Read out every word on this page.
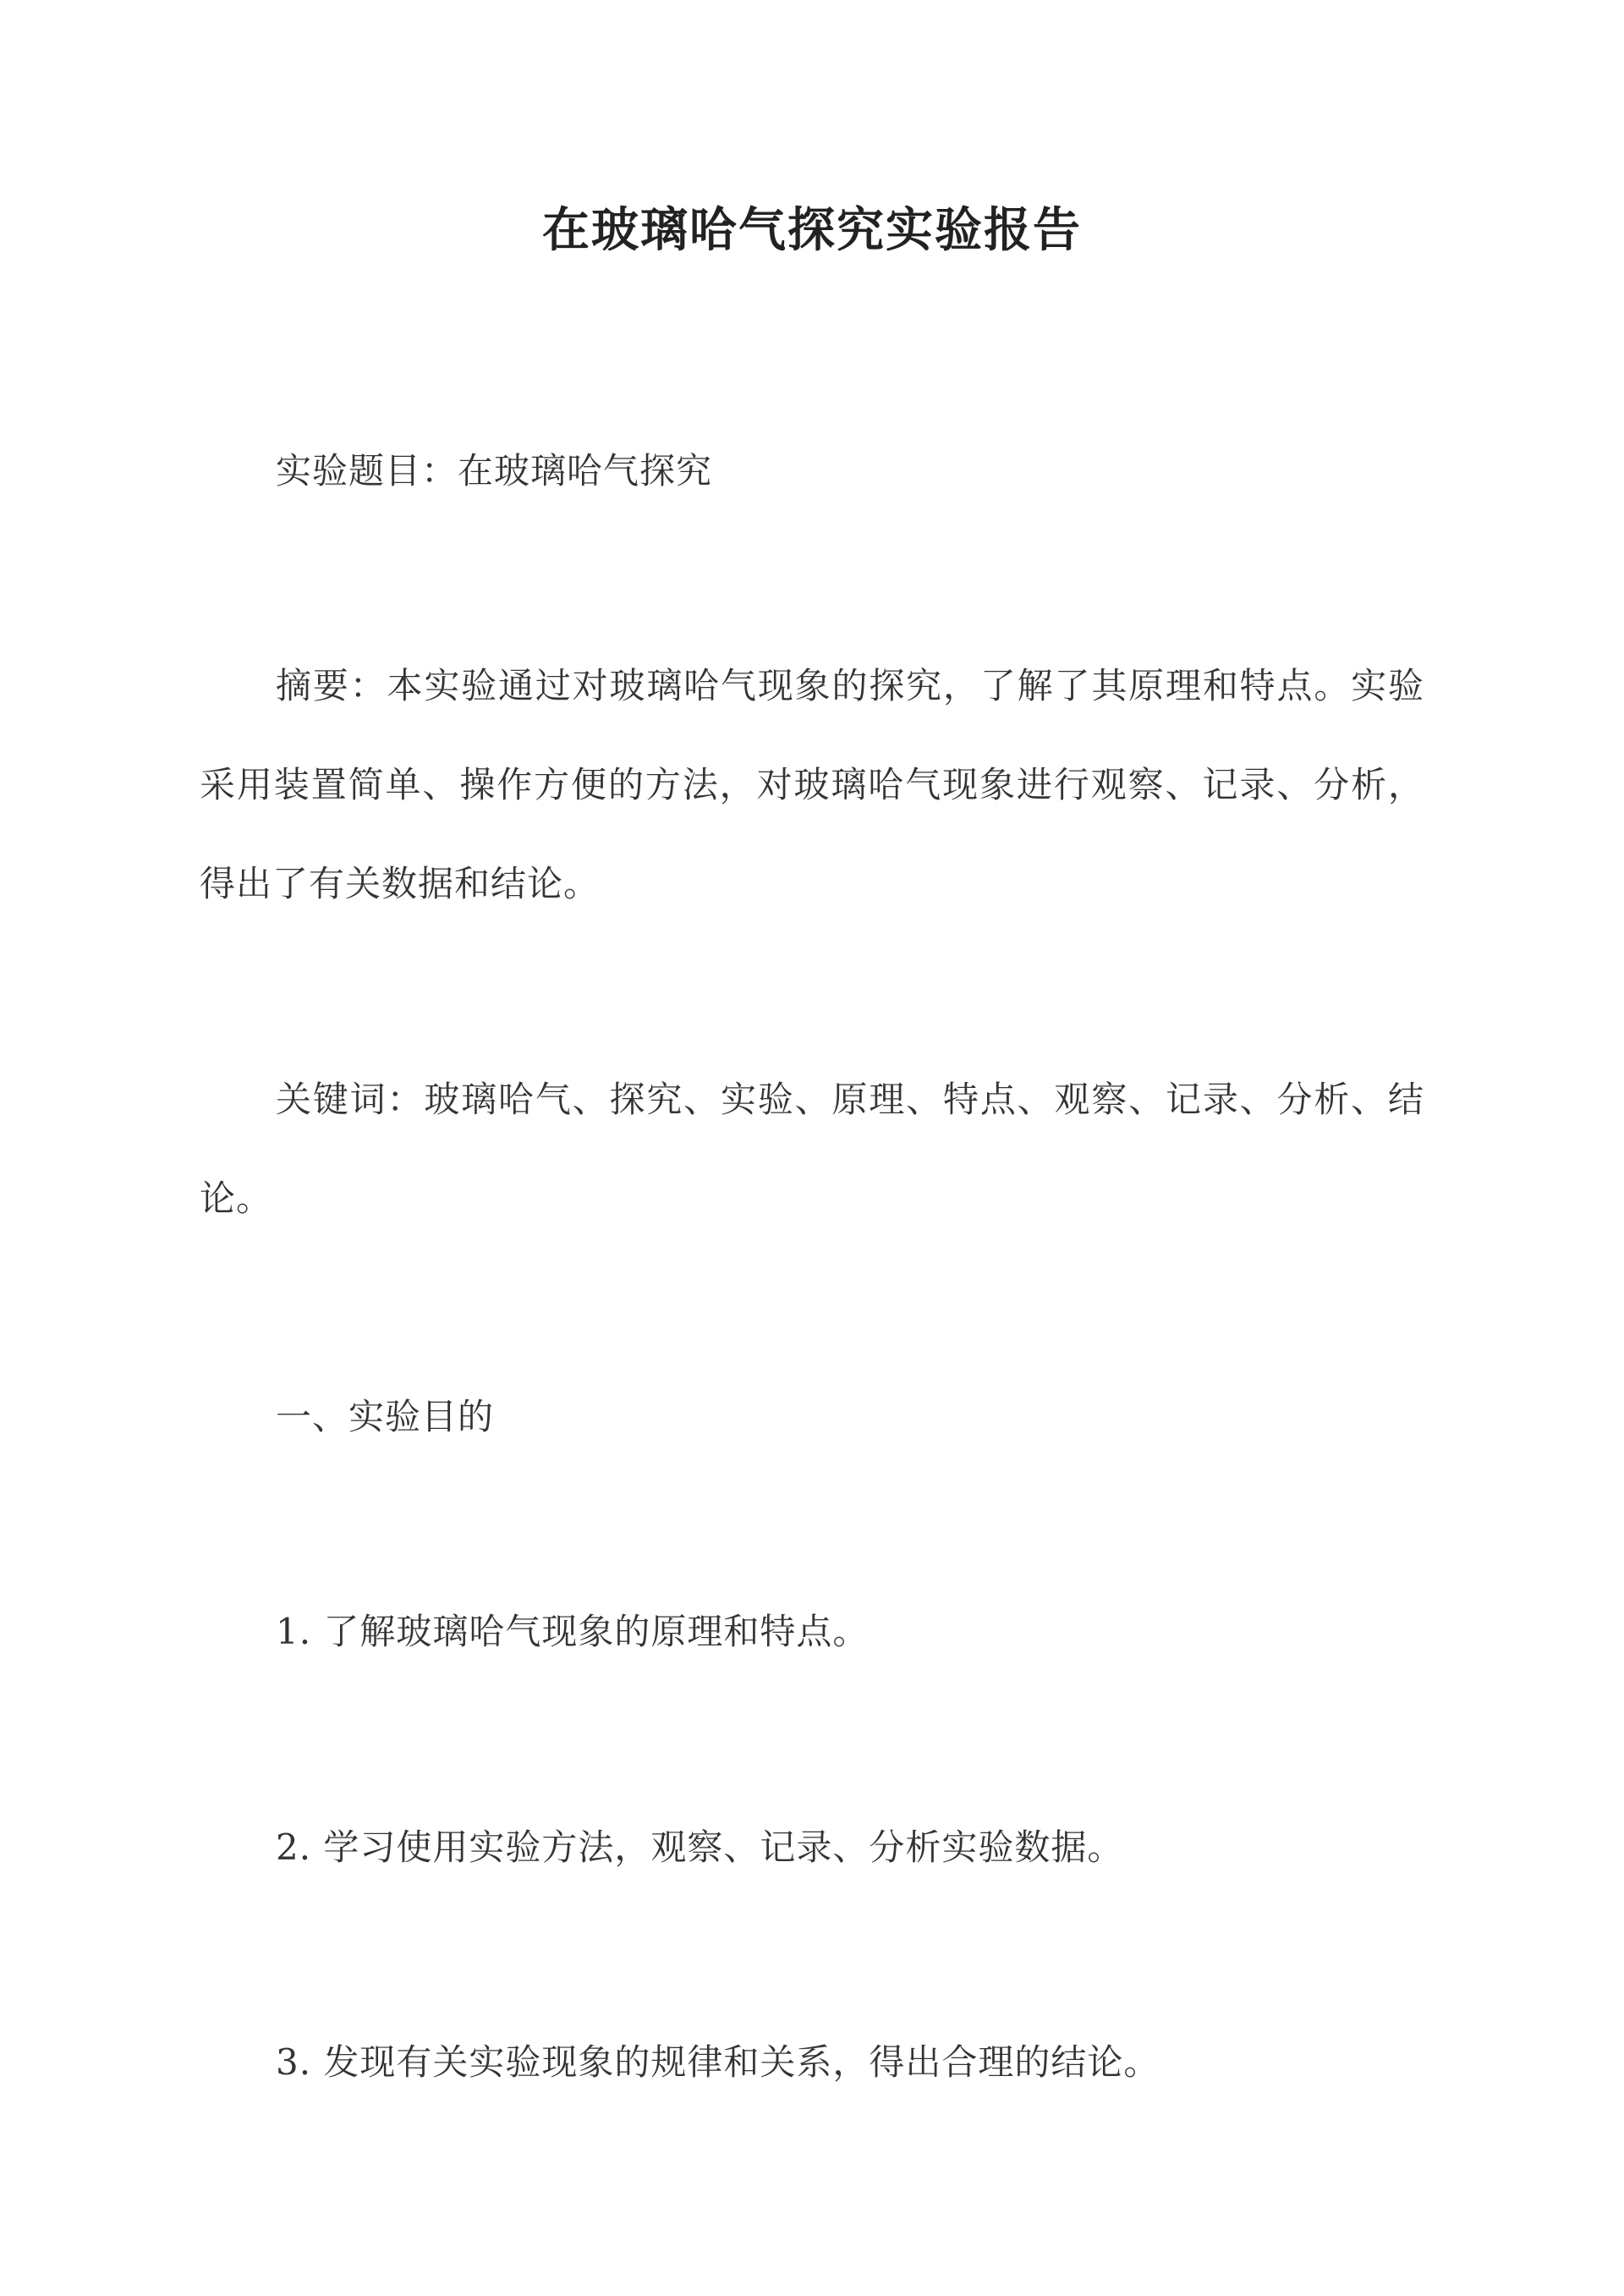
在玻璃哈气探究实验报告

实验题目：在玻璃哈气探究

摘要：本实验通过对玻璃哈气现象的探究，了解了其原理和特点。实验采用装置简单、操作方便的方法，对玻璃哈气现象进行观察、记录、分析，得出了有关数据和结论。

关键词：玻璃哈气、探究、实验、原理、特点、观察、记录、分析、结论。

一、实验目的

1. 了解玻璃哈气现象的原理和特点。

2. 学习使用实验方法，观察、记录、分析实验数据。

3. 发现有关实验现象的规律和关系，得出合理的结论。
